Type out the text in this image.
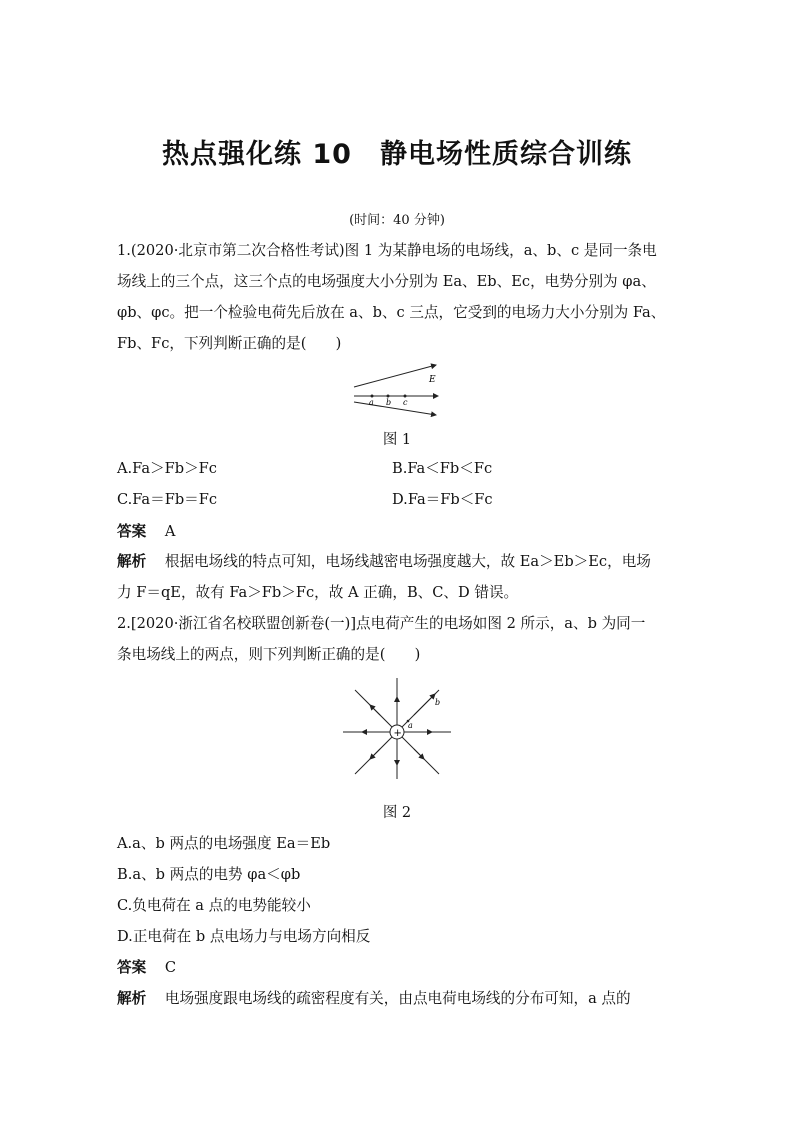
热点强化练 10　静电场性质综合训练
(时间：40 分钟)
1.(2020·北京市第二次合格性考试)图 1 为某静电场的电场线，a、b、c 是同一条电
场线上的三个点，这三个点的电场强度大小分别为 Ea、Eb、Ec，电势分别为 φa、
φb、φc。把一个检验电荷先后放在 a、b、c 三点，它受到的电场力大小分别为 Fa、
Fb、Fc，下列判断正确的是(　　)
E
a b c
图 1
A.Fa＞Fb＞Fc	B.Fa＜Fb＜Fc
C.Fa＝Fb＝Fc	D.Fa＝Fb＜Fc
答案 A
解析 根据电场线的特点可知，电场线越密电场强度越大，故 Ea＞Eb＞Ec，电场
力 F＝qE，故有 Fa＞Fb＞Fc，故 A 正确，B、C、D 错误。
2.[2020·浙江省名校联盟创新卷(一)]点电荷产生的电场如图 2 所示，a、b 为同一
条电场线上的两点，则下列判断正确的是(　　)
+
a
b
图 2
A.a、b 两点的电场强度 Ea＝Eb
B.a、b 两点的电势 φa＜φb
C.负电荷在 a 点的电势能较小
D.正电荷在 b 点电场力与电场方向相反
答案 C
解析 电场强度跟电场线的疏密程度有关，由点电荷电场线的分布可知，a 点的
